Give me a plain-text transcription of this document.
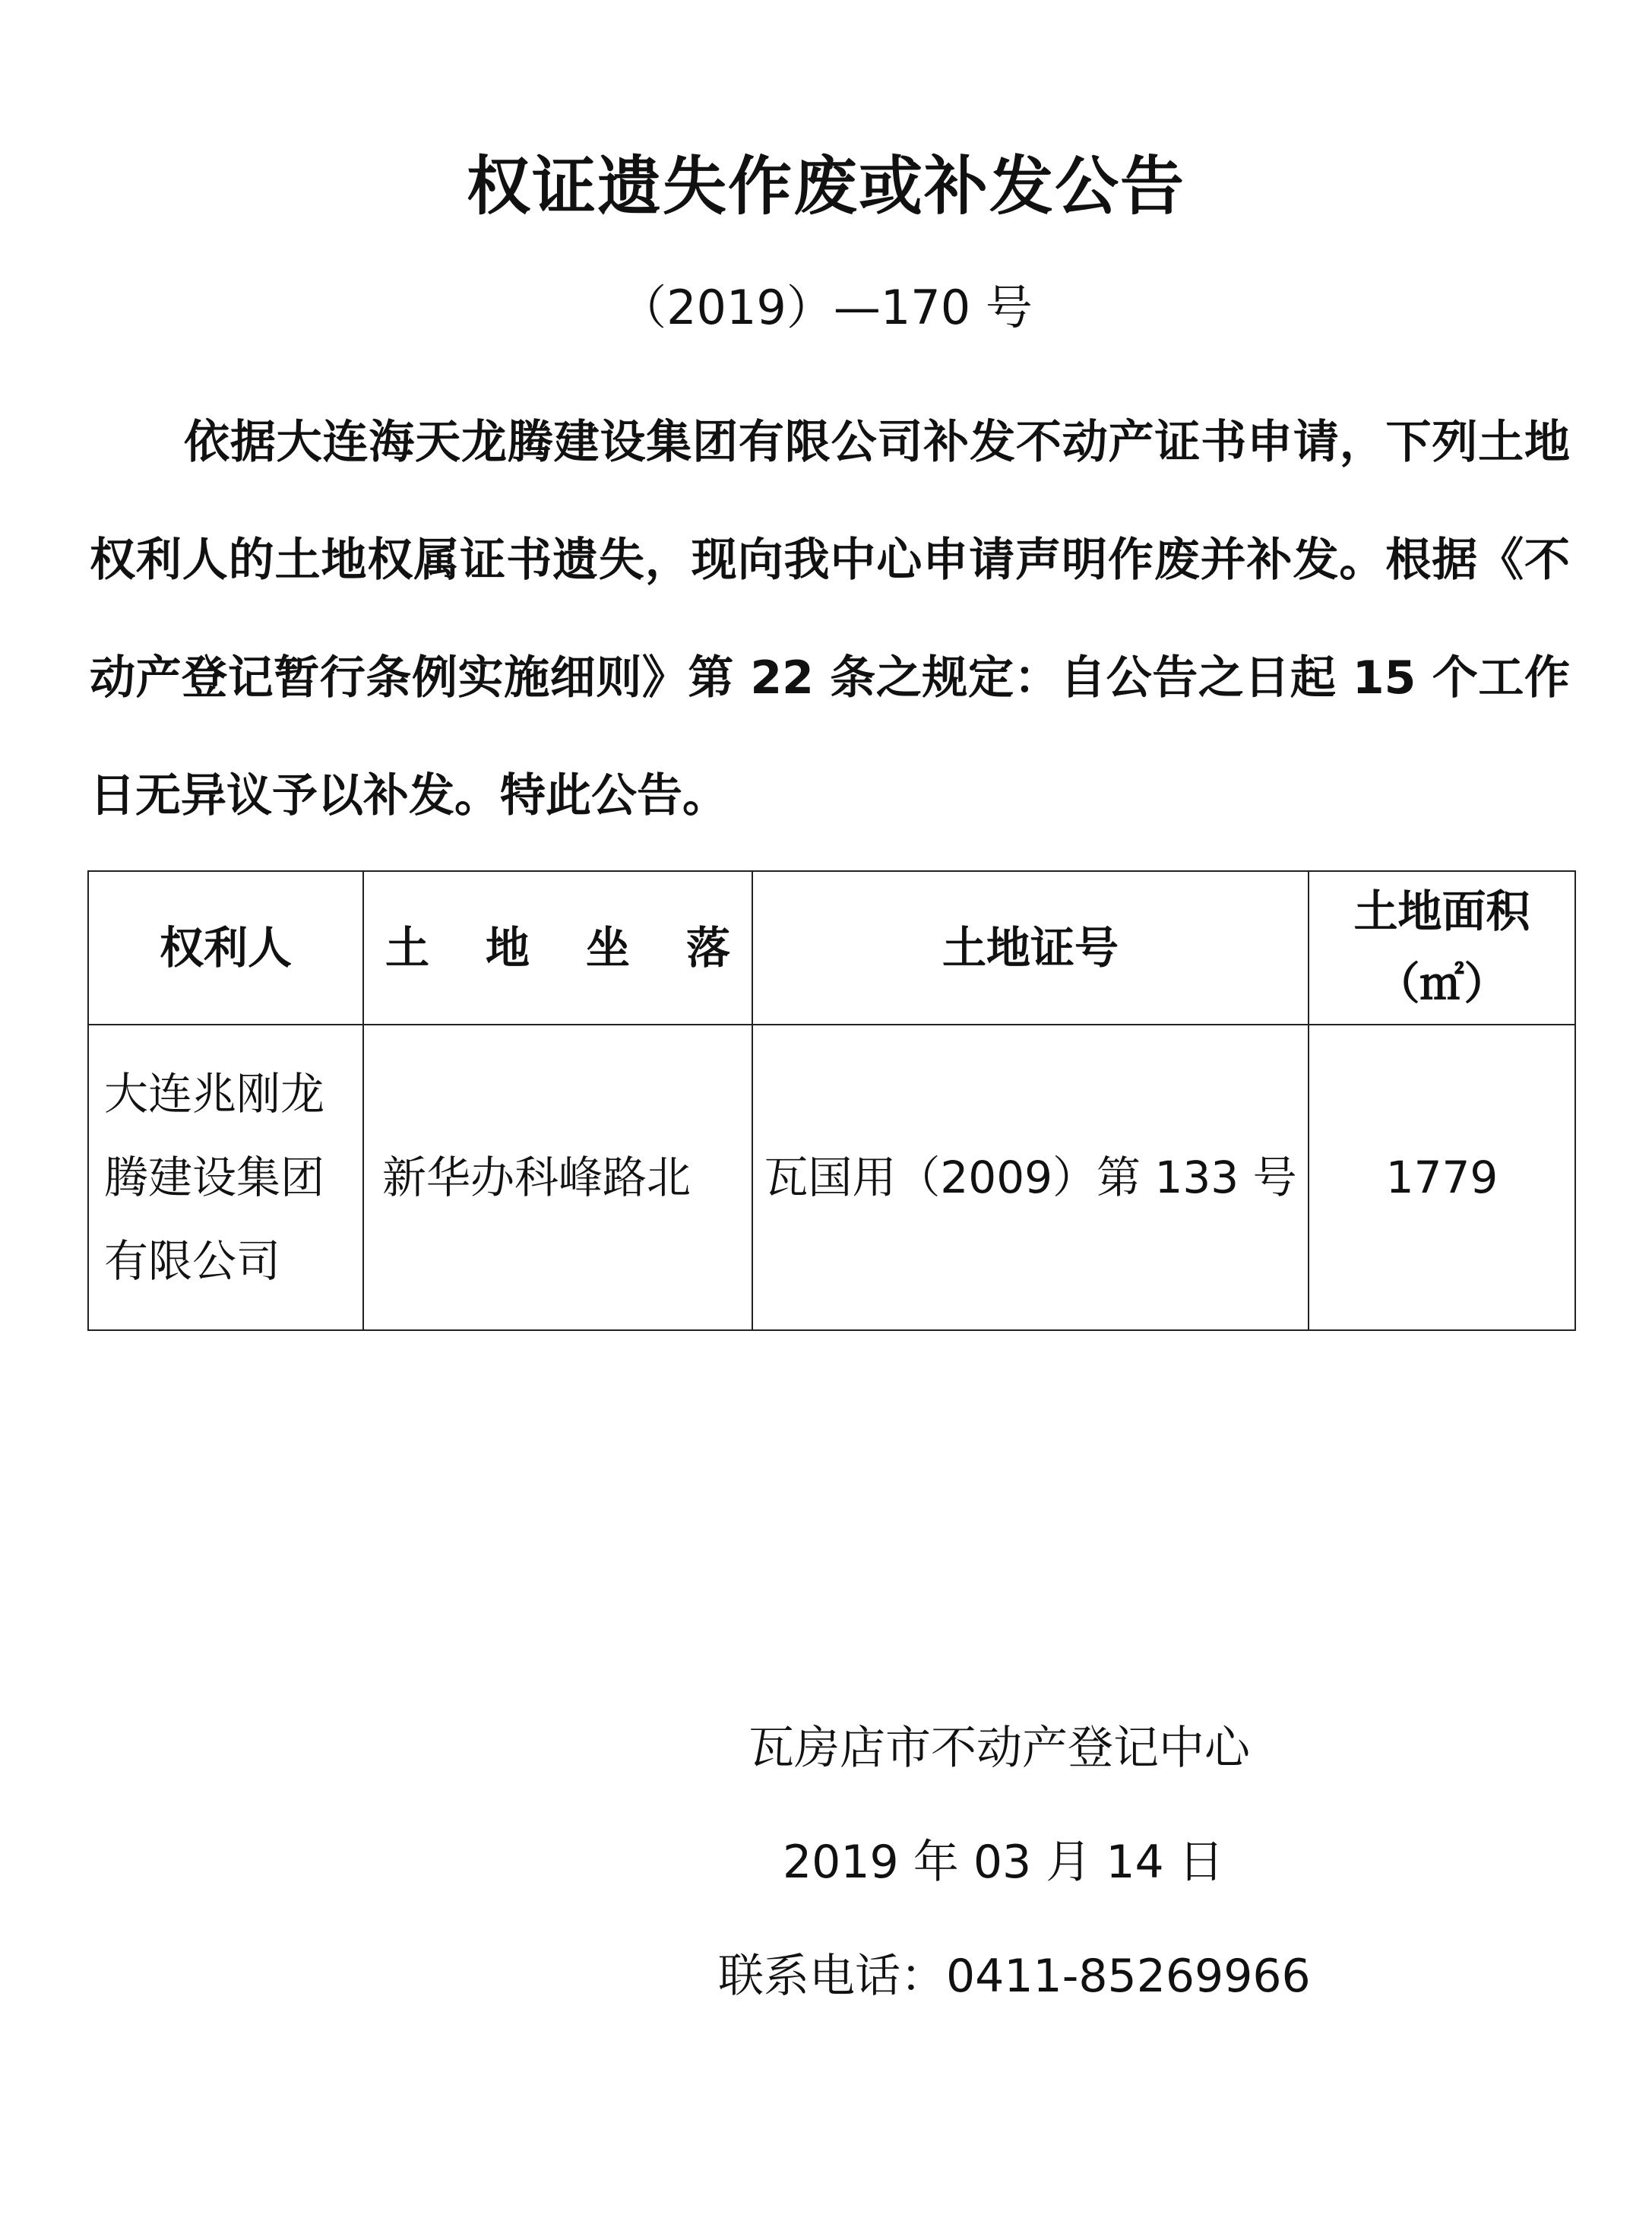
权证遗失作废或补发公告
（2019）—170 号
依据大连海天龙腾建设集团有限公司补发不动产证书申请，下列土地权利人的土地权属证书遗失，现向我中心申请声明作废并补发。根据《不动产登记暂行条例实施细则》第 22 条之规定：自公告之日起 15 个工作日无异议予以补发。特此公告。
权利人	土 地 坐 落	土地证号	土地面积
（㎡）

大连兆刚龙腾建设集团有限公司	新华办科峰路北	瓦国用（2009）第 133 号	1779
瓦房店市不动产登记中心
2019 年 03 月 14 日
联系电话：0411-85269966
